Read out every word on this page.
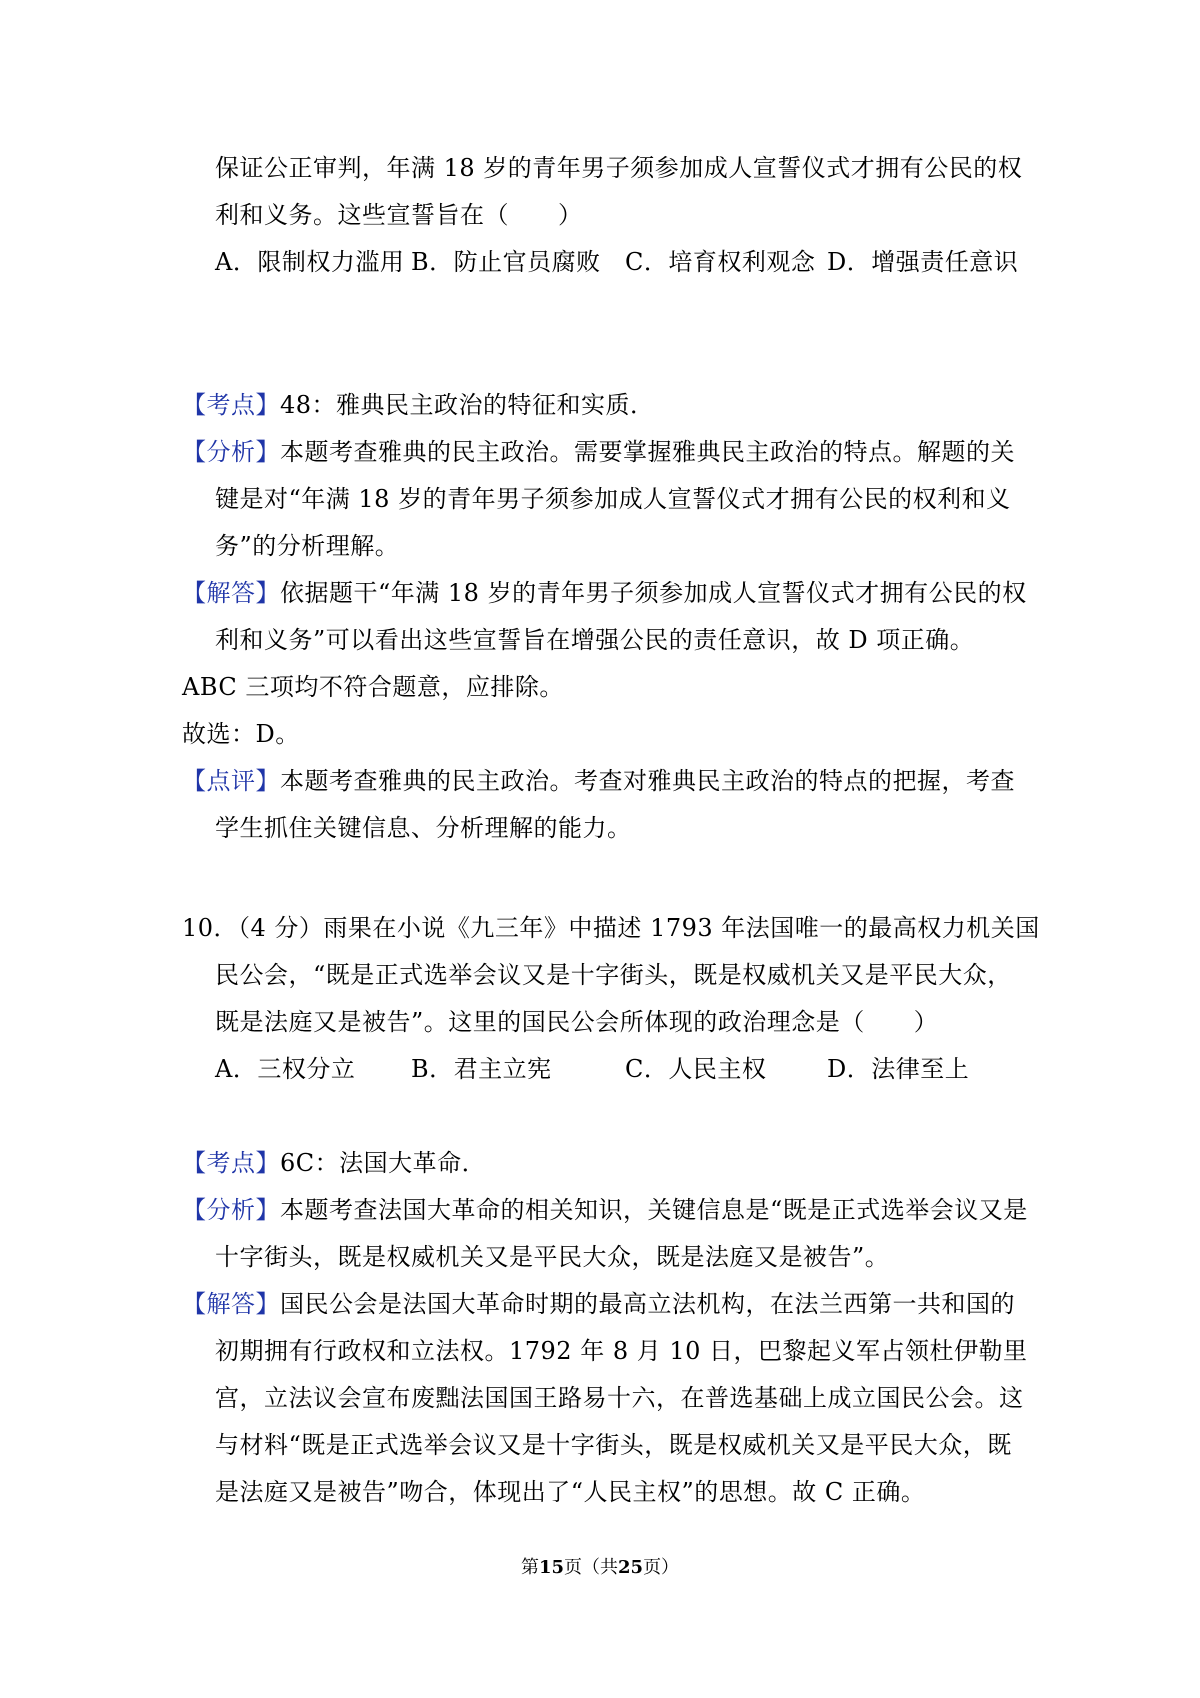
保证公正审判，年满 18 岁的青年男子须参加成人宣誓仪式才拥有公民的权
利和义务。这些宣誓旨在（　　）
A．限制权力滥用 B．防止官员腐败 C．培育权利观念 D．增强责任意识
【考点】48：雅典民主政治的特征和实质．
【分析】本题考查雅典的民主政治。需要掌握雅典民主政治的特点。解题的关
键是对“年满 18 岁的青年男子须参加成人宣誓仪式才拥有公民的权利和义
务”的分析理解。
【解答】依据题干“年满 18 岁的青年男子须参加成人宣誓仪式才拥有公民的权
利和义务”可以看出这些宣誓旨在增强公民的责任意识，故 D 项正确。
ABC 三项均不符合题意，应排除。
故选：D。
【点评】本题考查雅典的民主政治。考查对雅典民主政治的特点的把握，考查
学生抓住关键信息、分析理解的能力。
10．（4 分）雨果在小说《九三年》中描述 1793 年法国唯一的最高权力机关国
民公会，“既是正式选举会议又是十字街头，既是权威机关又是平民大众，
既是法庭又是被告”。这里的国民公会所体现的政治理念是（　　）
A．三权分立 B．君主立宪	C．人民主权	D．法律至上
【考点】6C：法国大革命．
【分析】本题考查法国大革命的相关知识，关键信息是“既是正式选举会议又是
十字街头，既是权威机关又是平民大众，既是法庭又是被告”。
【解答】国民公会是法国大革命时期的最高立法机构，在法兰西第一共和国的
初期拥有行政权和立法权。1792 年 8 月 10 日，巴黎起义军占领杜伊勒里
宫，立法议会宣布废黜法国国王路易十六，在普选基础上成立国民公会。这
与材料“既是正式选举会议又是十字街头，既是权威机关又是平民大众，既
是法庭又是被告”吻合，体现出了“人民主权”的思想。故 C 正确。
第15页（共25页）
